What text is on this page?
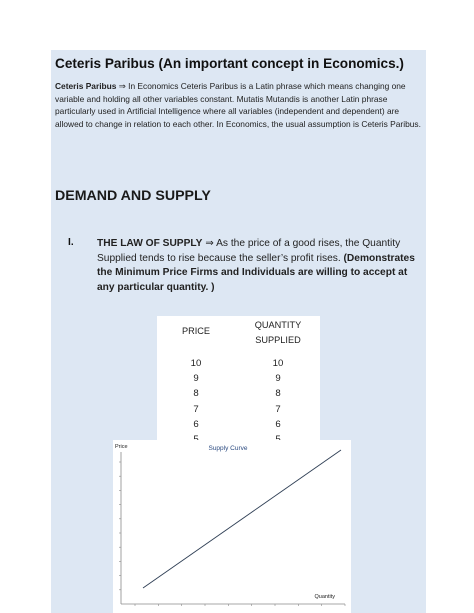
Ceteris Paribus (An important concept in Economics.)
Ceteris Paribus ⇒ In Economics Ceteris Paribus is a Latin phrase which means changing one variable and holding all other variables constant. Mutatis Mutandis is another Latin phrase particularly used in Artificial Intelligence where all variables (independent and dependent) are allowed to change in relation to each other. In Economics, the usual assumption is Ceteris Paribus.
DEMAND AND SUPPLY
I. THE LAW OF SUPPLY ⇒ As the price of a good rises, the Quantity Supplied tends to rise because the seller’s profit rises. (Demonstrates the Minimum Price Firms and Individuals are willing to accept at any particular quantity. )
PRICE
QUANTITY
SUPPLIED
10
9
8
7
6
10
9
8
7
6
Supply Curve
Price
Quantity
